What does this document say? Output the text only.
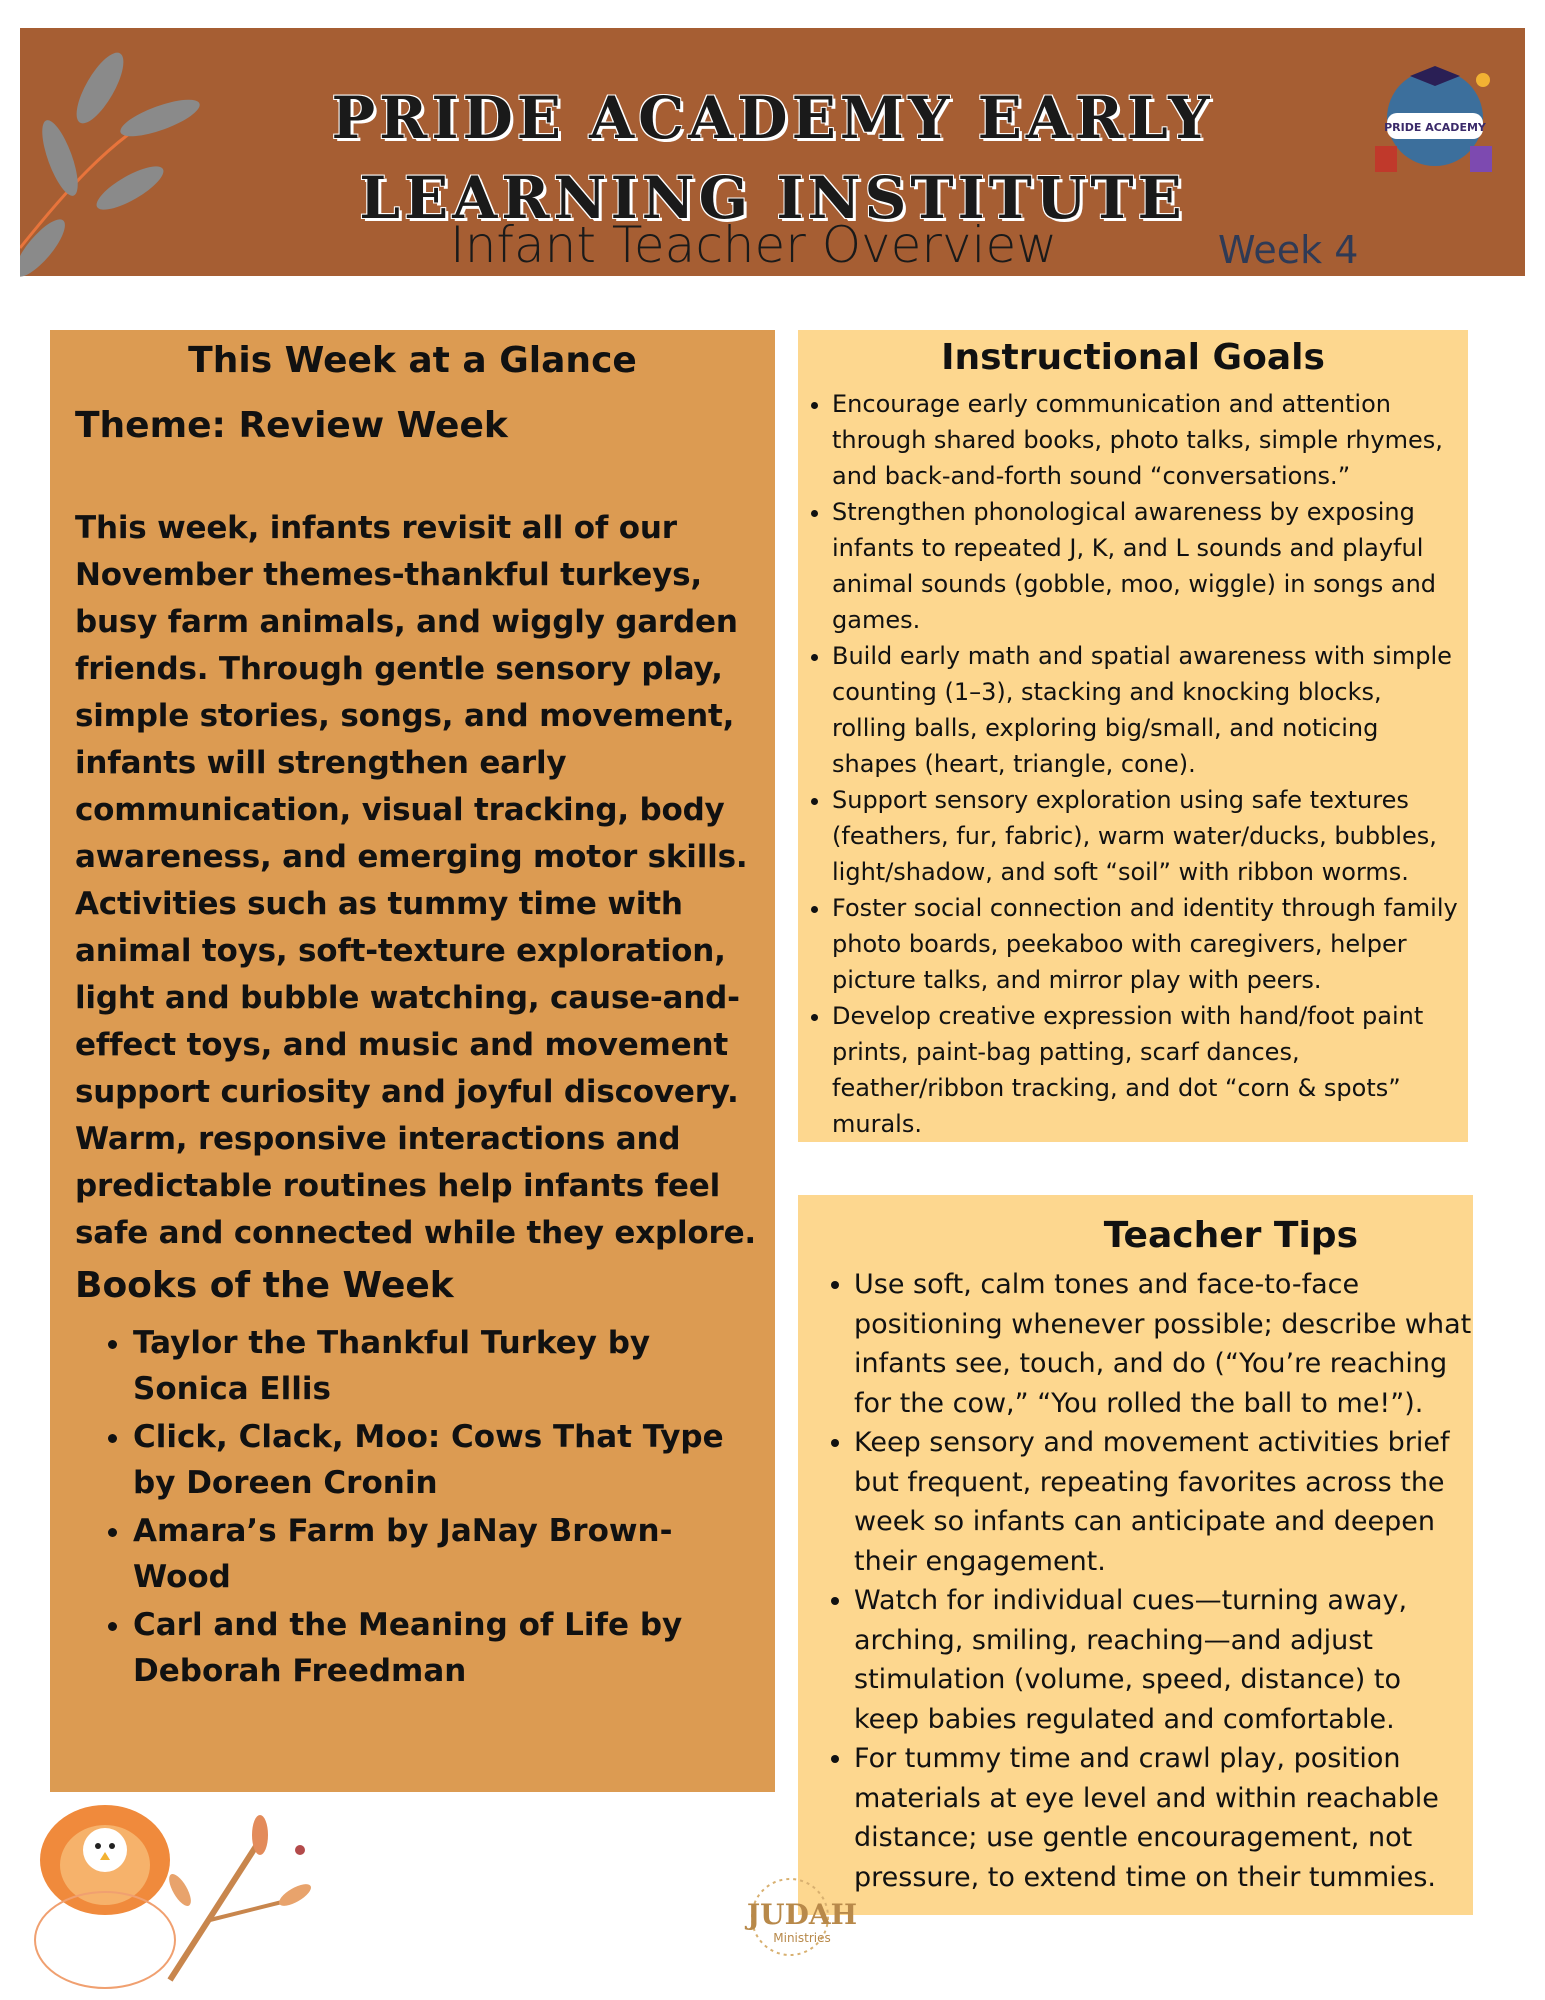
PRIDE ACADEMY EARLY
LEARNING INSTITUTE
Infant Teacher Overview	Week 4
PRIDE ACADEMY
This Week at a Glance
Theme: Review Week
This week, infants revisit all of our November themes-thankful turkeys, busy farm animals, and wiggly garden friends. Through gentle sensory play, simple stories, songs, and movement, infants will strengthen early communication, visual tracking, body awareness, and emerging motor skills. Activities such as tummy time with animal toys, soft-texture exploration, light and bubble watching, cause-and-effect toys, and music and movement support curiosity and joyful discovery. Warm, responsive interactions and predictable routines help infants feel safe and connected while they explore.
Books of the Week
• Taylor the Thankful Turkey by Sonica Ellis
• Click, Clack, Moo: Cows That Type by Doreen Cronin
• Amara’s Farm by JaNay Brown-Wood
• Carl and the Meaning of Life by Deborah Freedman
Instructional Goals
• Encourage early communication and attention through shared books, photo talks, simple rhymes, and back-and-forth sound “conversations.”
• Strengthen phonological awareness by exposing infants to repeated J, K, and L sounds and playful animal sounds (gobble, moo, wiggle) in songs and games.
• Build early math and spatial awareness with simple counting (1–3), stacking and knocking blocks, rolling balls, exploring big/small, and noticing shapes (heart, triangle, cone).
• Support sensory exploration using safe textures (feathers, fur, fabric), warm water/ducks, bubbles, light/shadow, and soft “soil” with ribbon worms.
• Foster social connection and identity through family photo boards, peekaboo with caregivers, helper picture talks, and mirror play with peers.
• Develop creative expression with hand/foot paint prints, paint-bag patting, scarf dances, feather/ribbon tracking, and dot “corn & spots” murals.
Teacher Tips
• Use soft, calm tones and face-to-face positioning whenever possible; describe what infants see, touch, and do (“You’re reaching for the cow,” “You rolled the ball to me!”).
• Keep sensory and movement activities brief but frequent, repeating favorites across the week so infants can anticipate and deepen their engagement.
• Watch for individual cues—turning away, arching, smiling, reaching—and adjust stimulation (volume, speed, distance) to keep babies regulated and comfortable.
• For tummy time and crawl play, position materials at eye level and within reachable distance; use gentle encouragement, not pressure, to extend time on their tummies.
JUDAH
Ministries
